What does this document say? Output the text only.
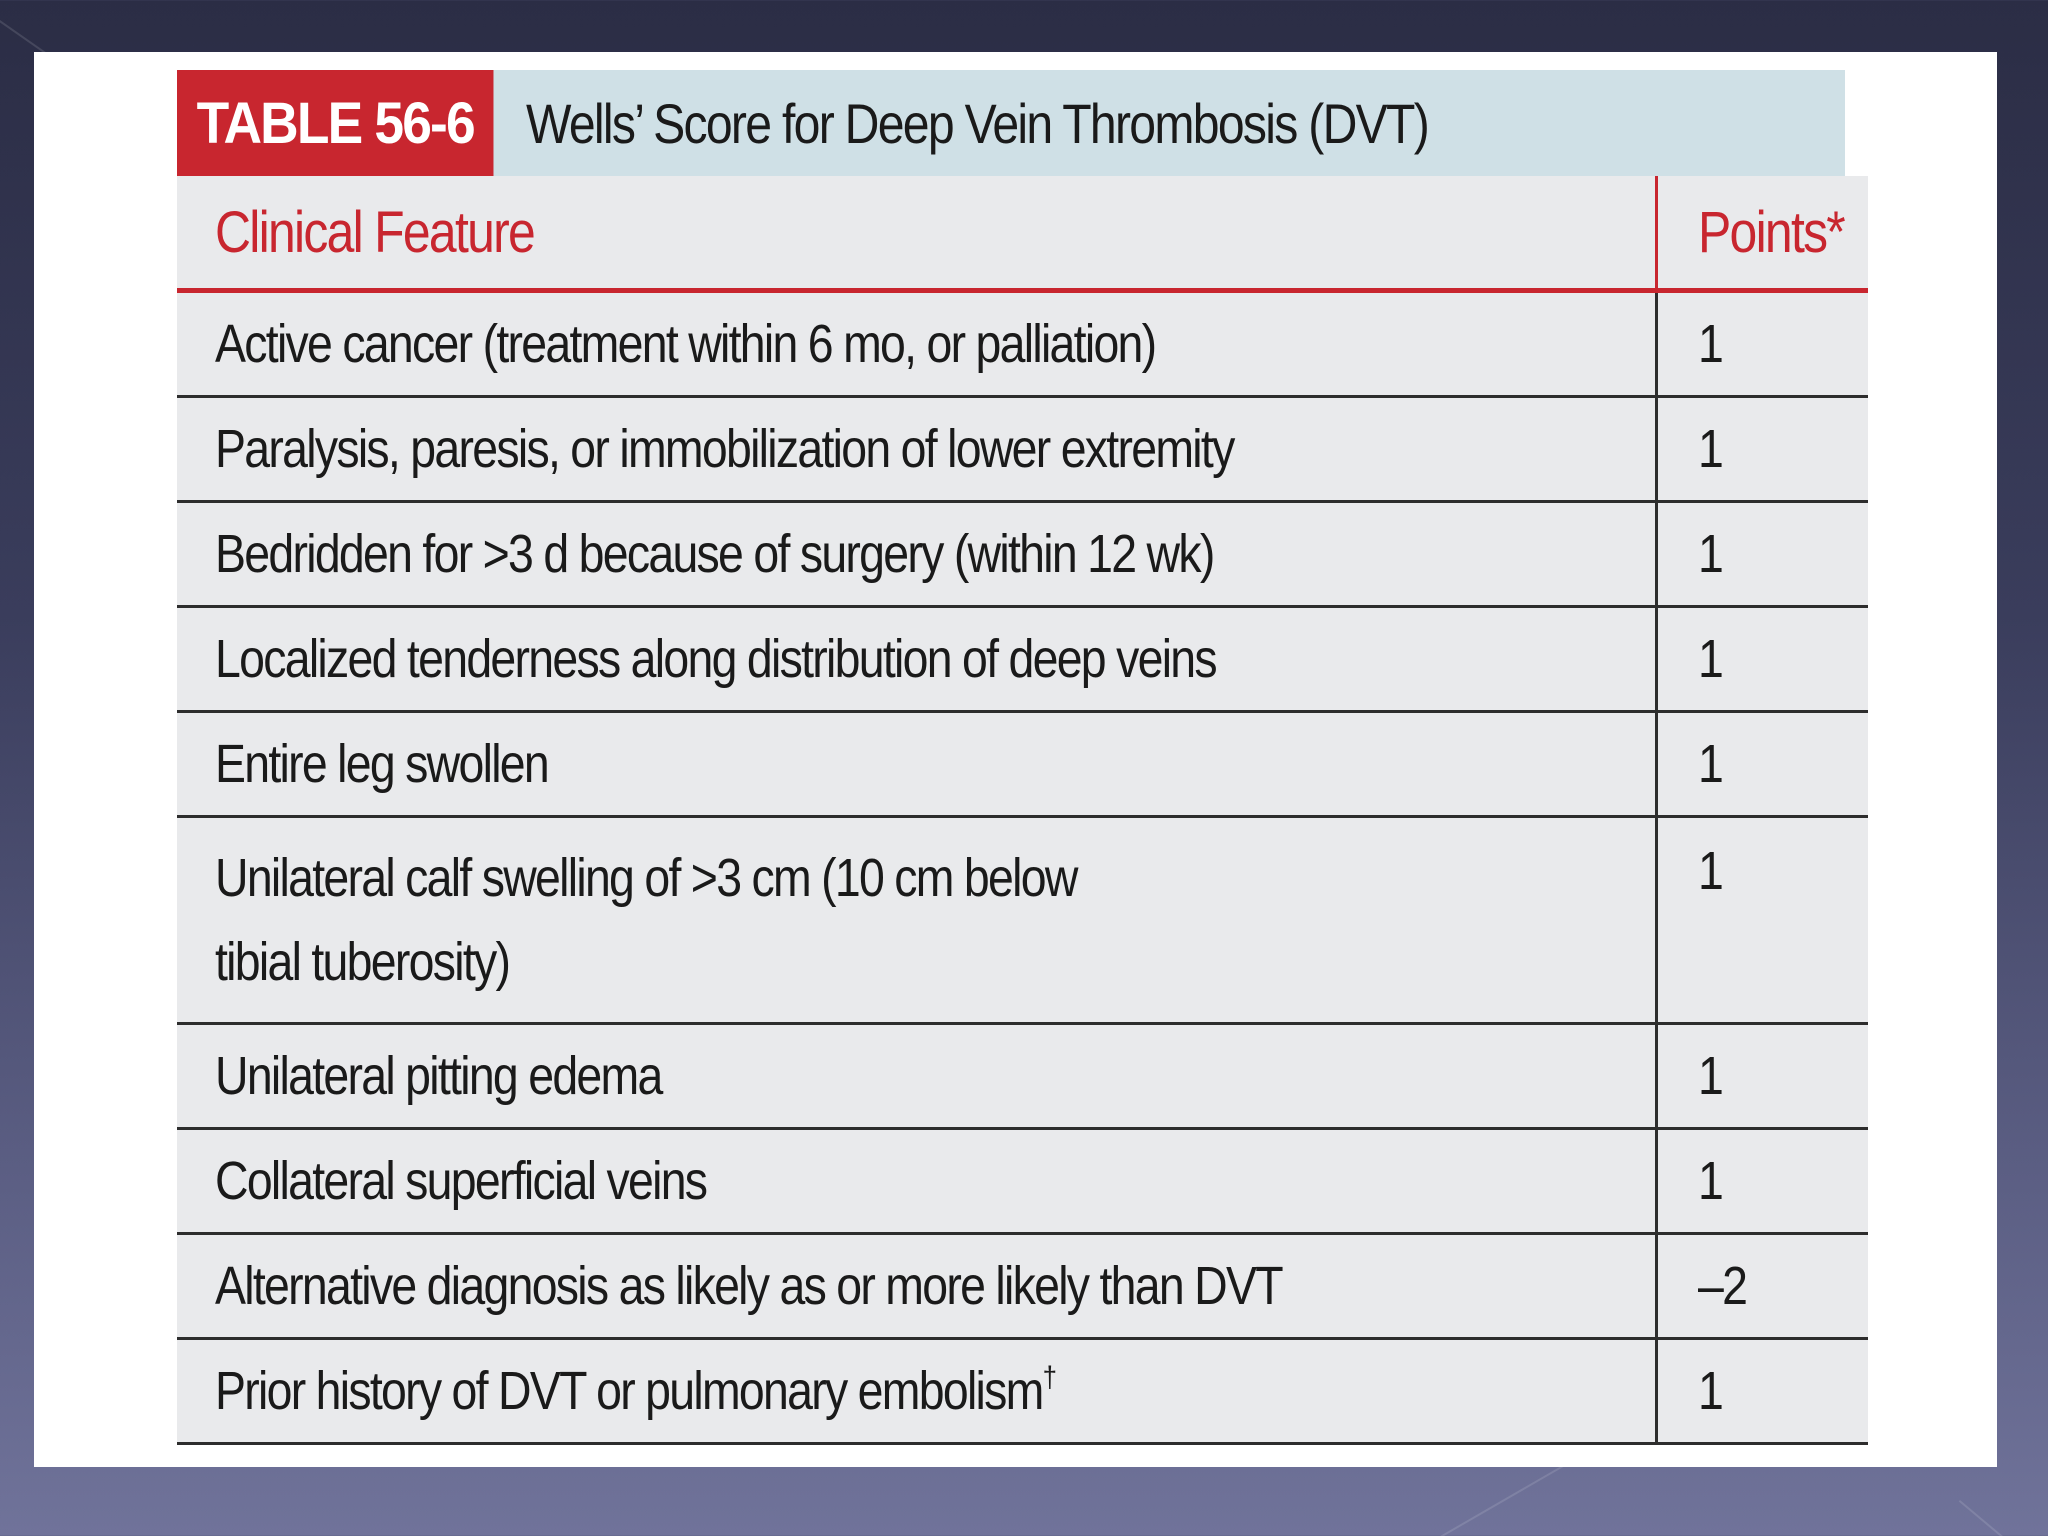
TABLE 56-6 Wells’ Score for Deep Vein Thrombosis (DVT)
Clinical Feature	Points*
Active cancer (treatment within 6 mo, or palliation)	1
Paralysis, paresis, or immobilization of lower extremity	1
Bedridden for >3 d because of surgery (within 12 wk)	1
Localized tenderness along distribution of deep veins	1
Entire leg swollen	1
Unilateral calf swelling of >3 cm (10 cm below tibial tuberosity)	1
Unilateral pitting edema	1
Collateral superficial veins	1
Alternative diagnosis as likely as or more likely than DVT	–2
Prior history of DVT or pulmonary embolism†	1
